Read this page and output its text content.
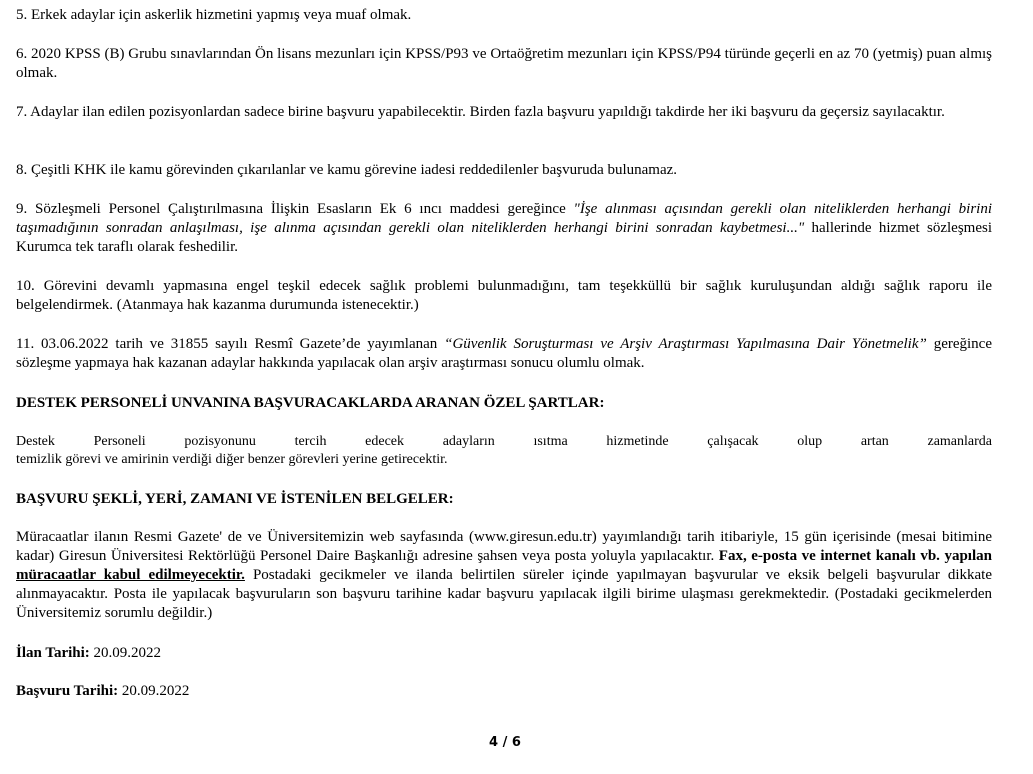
5. Erkek adaylar için askerlik hizmetini yapmış veya muaf olmak.

6. 2020 KPSS (B) Grubu sınavlarından Ön lisans mezunları için KPSS/P93 ve Ortaöğretim mezunları için KPSS/P94 türünde geçerli en az 70 (yetmiş) puan almış olmak.

7. Adaylar ilan edilen pozisyonlardan sadece birine başvuru yapabilecektir. Birden fazla başvuru yapıldığı takdirde her iki başvuru da geçersiz sayılacaktır.

8. Çeşitli KHK ile kamu görevinden çıkarılanlar ve kamu görevine iadesi reddedilenler başvuruda bulunamaz.

9. Sözleşmeli Personel Çalıştırılmasına İlişkin Esasların Ek 6 ıncı maddesi gereğince "İşe alınması açısından gerekli olan niteliklerden herhangi birini taşımadığının sonradan anlaşılması, işe alınma açısından gerekli olan niteliklerden herhangi birini sonradan kaybetmesi..." hallerinde hizmet sözleşmesi Kurumca tek taraflı olarak feshedilir.

10. Görevini devamlı yapmasına engel teşkil edecek sağlık problemi bulunmadığını, tam teşekküllü bir sağlık kuruluşundan aldığı sağlık raporu ile belgelendirmek. (Atanmaya hak kazanma durumunda istenecektir.)

11. 03.06.2022 tarih ve 31855 sayılı Resmî Gazete’de yayımlanan “Güvenlik Soruşturması ve Arşiv Araştırması Yapılmasına Dair Yönetmelik” gereğince sözleşme yapmaya hak kazanan adaylar hakkında yapılacak olan arşiv araştırması sonucu olumlu olmak.

DESTEK PERSONELİ UNVANINA BAŞVURACAKLARDA ARANAN ÖZEL ŞARTLAR:

Destek Personeli pozisyonunu tercih edecek adayların ısıtma hizmetinde çalışacak olup artan zamanlarda
temizlik görevi ve amirinin verdiği diğer benzer görevleri yerine getirecektir.

BAŞVURU ŞEKLİ, YERİ, ZAMANI VE İSTENİLEN BELGELER:

Müracaatlar ilanın Resmi Gazete' de ve Üniversitemizin web sayfasında (www.giresun.edu.tr) yayımlandığı tarih itibariyle, 15 gün içerisinde (mesai bitimine kadar) Giresun Üniversitesi Rektörlüğü Personel Daire Başkanlığı adresine şahsen veya posta yoluyla yapılacaktır. Fax, e-posta ve internet kanalı vb. yapılan müracaatlar kabul edilmeyecektir. Postadaki gecikmeler ve ilanda belirtilen süreler içinde yapılmayan başvurular ve eksik belgeli başvurular dikkate alınmayacaktır. Posta ile yapılacak başvuruların son başvuru tarihine kadar başvuru yapılacak ilgili birime ulaşması gerekmektedir. (Postadaki gecikmelerden Üniversitemiz sorumlu değildir.)

İlan Tarihi: 20.09.2022

Başvuru Tarihi: 20.09.2022

4 / 6
